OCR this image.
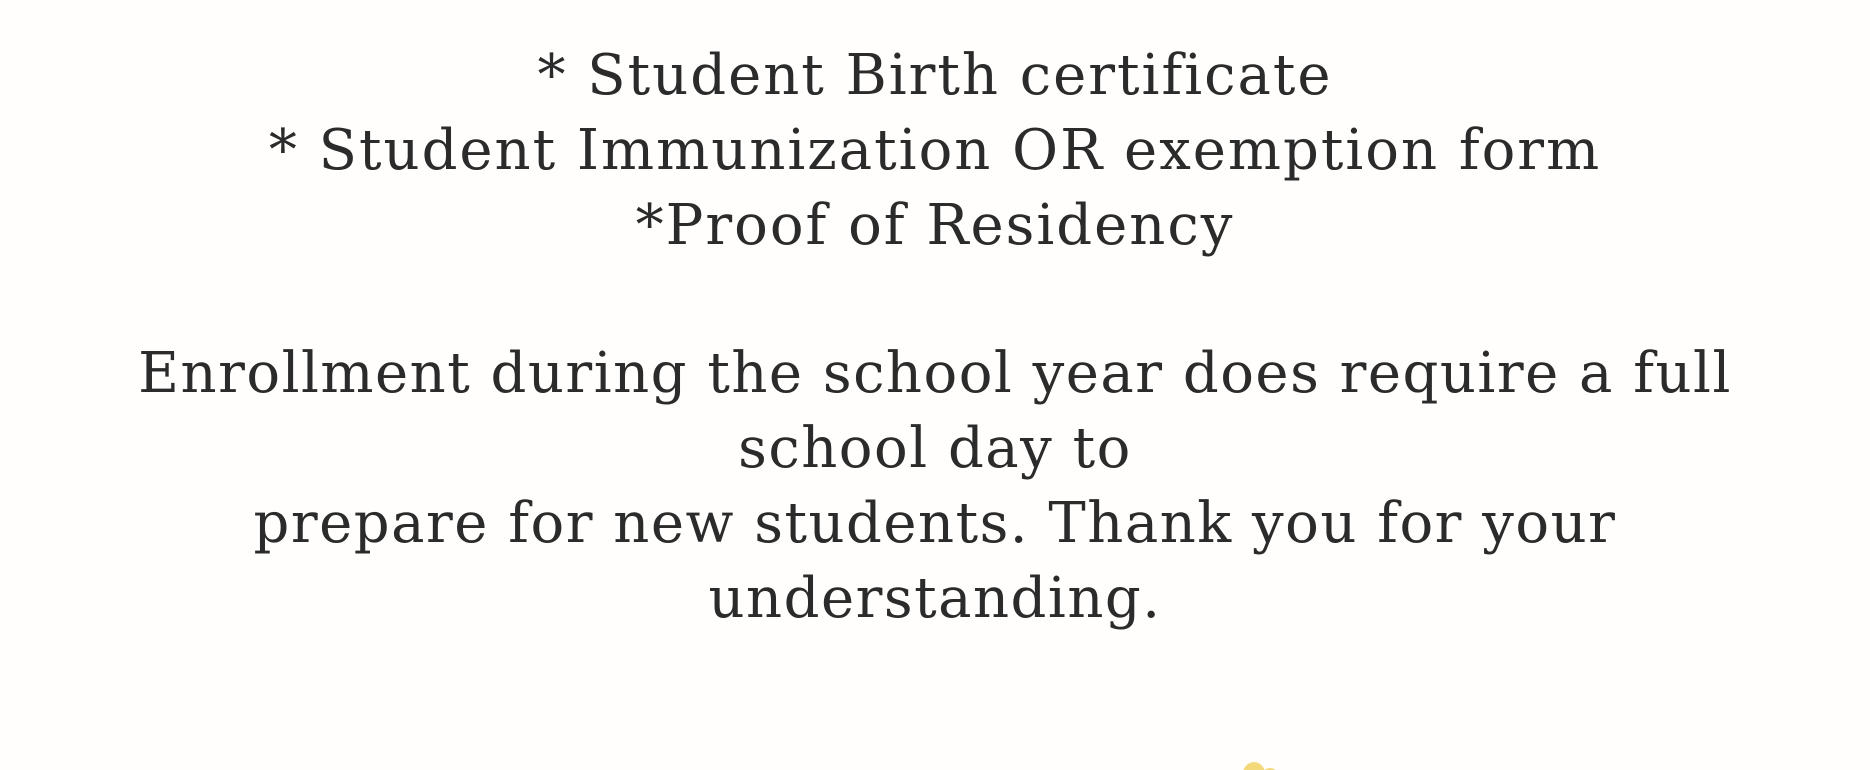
* Student Birth certificate
* Student Immunization OR exemption form
*Proof of Residency

Enrollment during the school year does require a full school day to
prepare for new students. Thank you for your understanding.
